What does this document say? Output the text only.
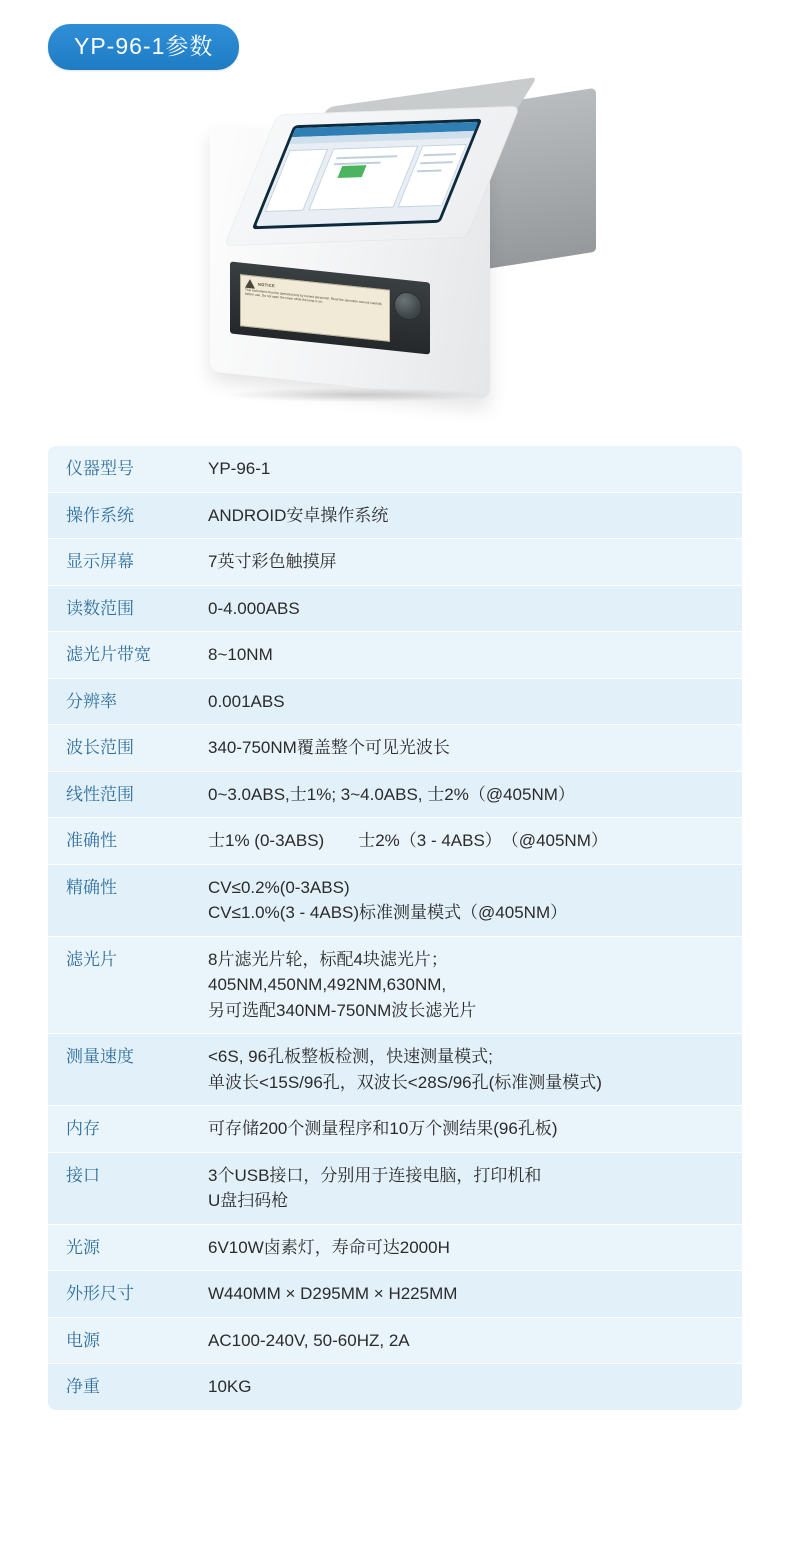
YP-96-1参数
NOTICE
This instrument must be operated only by trained personnel. Read the operation manual carefully before use. Do not open the cover while the lamp is on.
仪器型号	YP-96-1

操作系统	ANDROID安卓操作系统

显示屏幕	7英寸彩色触摸屏

读数范围	0-4.000ABS

滤光片带宽	8~10NM

分辨率	0.001ABS

波长范围	340-750NM覆盖整个可见光波长

线性范围	0~3.0ABS,士1%; 3~4.0ABS, 士2%（@405NM）

准确性	士1% (0-3ABS)　　士2%（3 - 4ABS）　（@405NM）

精确性	CV≤0.2%(0-3ABS)
CV≤1.0%(3 - 4ABS)标准测量模式（@405NM）

滤光片	8片滤光片轮，标配4块滤光片；
405NM,450NM,492NM,630NM,
另可选配340NM-750NM波长滤光片

测量速度	<6S, 96孔板整板检测，快速测量模式;
单波长<15S/96孔，双波长<28S/96孔(标准测量模式)

内存	可存储200个测量程序和10万个测结果(96孔板)

接口	3个USB接口，分别用于连接电脑，打印机和
U盘扫码枪

光源	6V10W卤素灯，寿命可达2000H

外形尺寸	W440MM × D295MM × H225MM

电源	AC100-240V, 50-60HZ, 2A

净重	10KG
